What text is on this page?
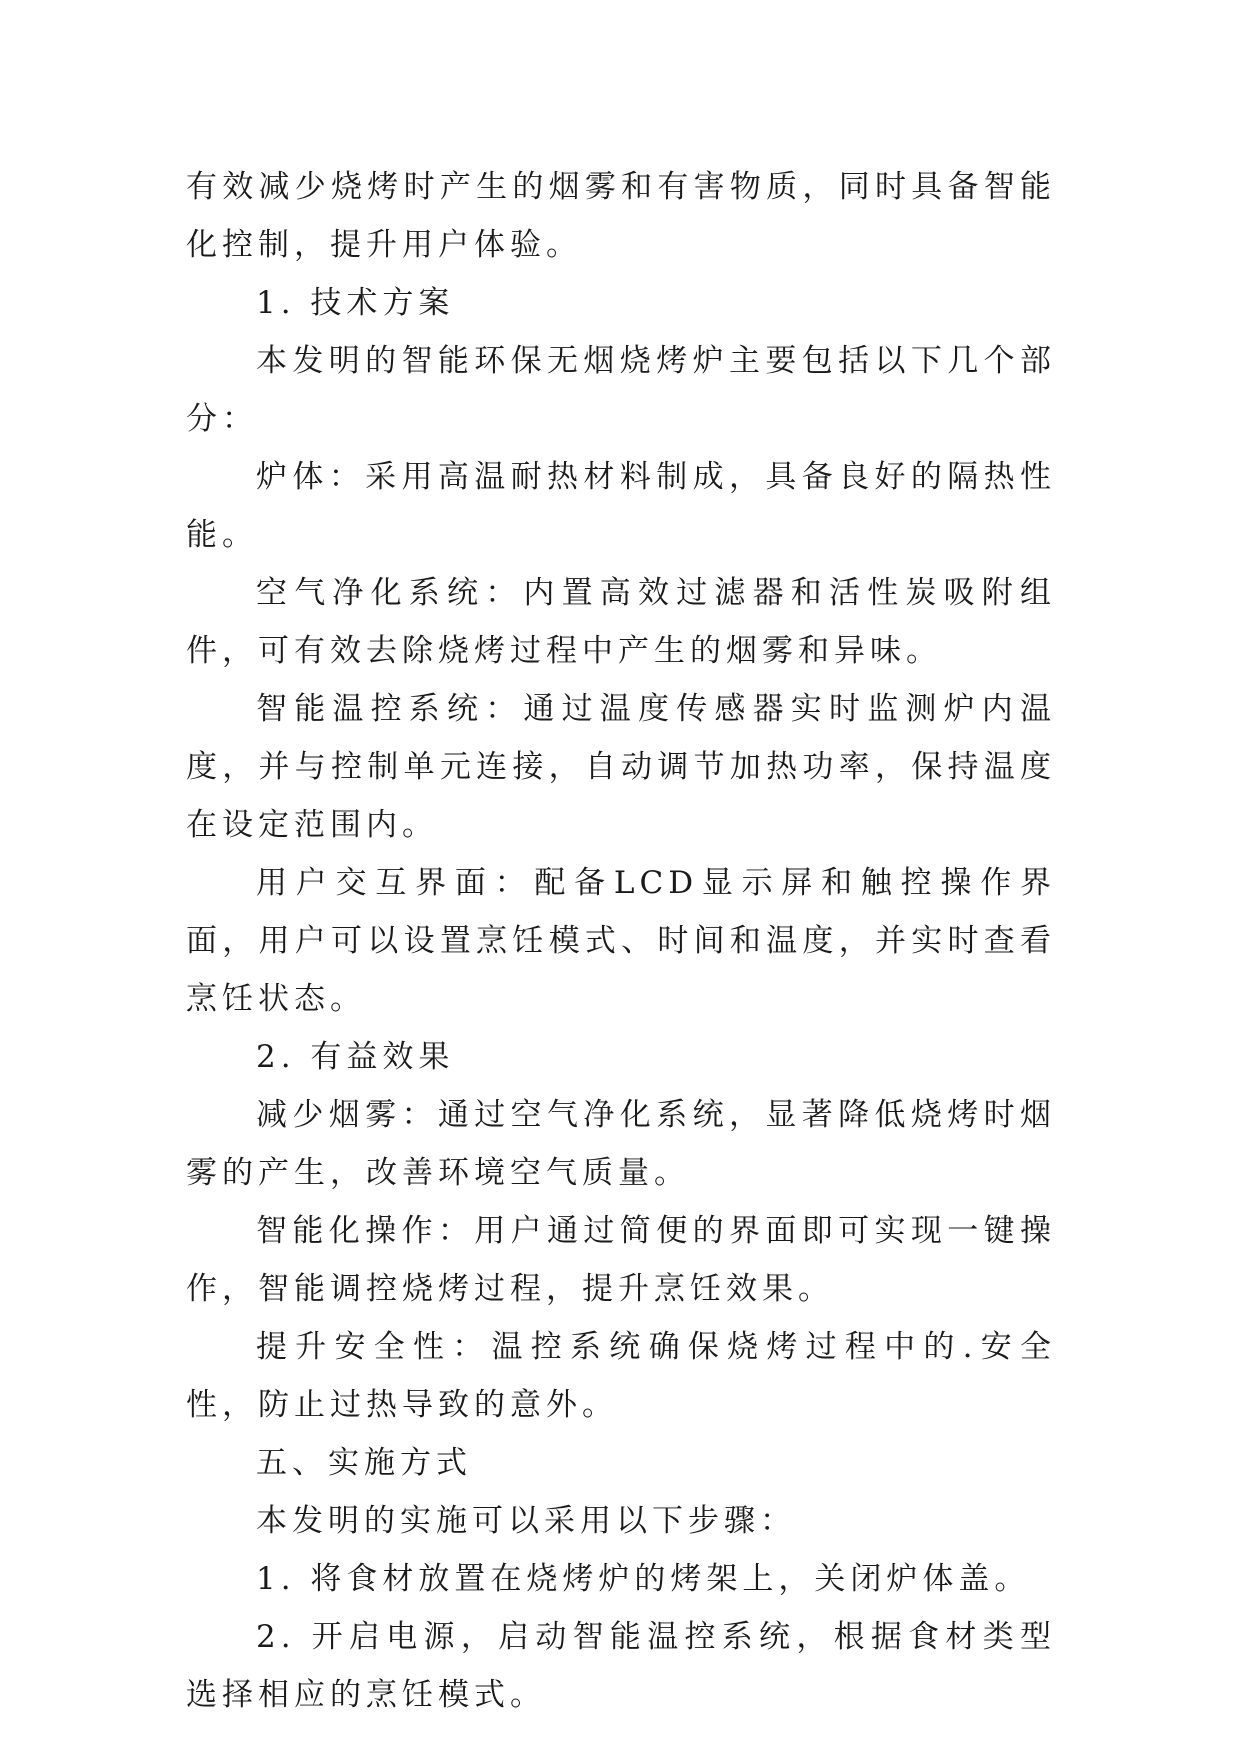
有效减少烧烤时产生的烟雾和有害物质，同时具备智能化控制，提升用户体验。

1. 技术方案

本发明的智能环保无烟烧烤炉主要包括以下几个部分：

炉体：采用高温耐热材料制成，具备良好的隔热性能。

空气净化系统：内置高效过滤器和活性炭吸附组件，可有效去除烧烤过程中产生的烟雾和异味。

智能温控系统：通过温度传感器实时监测炉内温度，并与控制单元连接，自动调节加热功率，保持温度在设定范围内。

用户交互界面：配备LCD显示屏和触控操作界面，用户可以设置烹饪模式、时间和温度，并实时查看烹饪状态。

2. 有益效果

减少烟雾：通过空气净化系统，显著降低烧烤时烟雾的产生，改善环境空气质量。

智能化操作：用户通过简便的界面即可实现一键操作，智能调控烧烤过程，提升烹饪效果。

提升安全性：温控系统确保烧烤过程中的.安全性，防止过热导致的意外。

五、实施方式

本发明的实施可以采用以下步骤：

1. 将食材放置在烧烤炉的烤架上，关闭炉体盖。

2. 开启电源，启动智能温控系统，根据食材类型选择相应的烹饪模式。
